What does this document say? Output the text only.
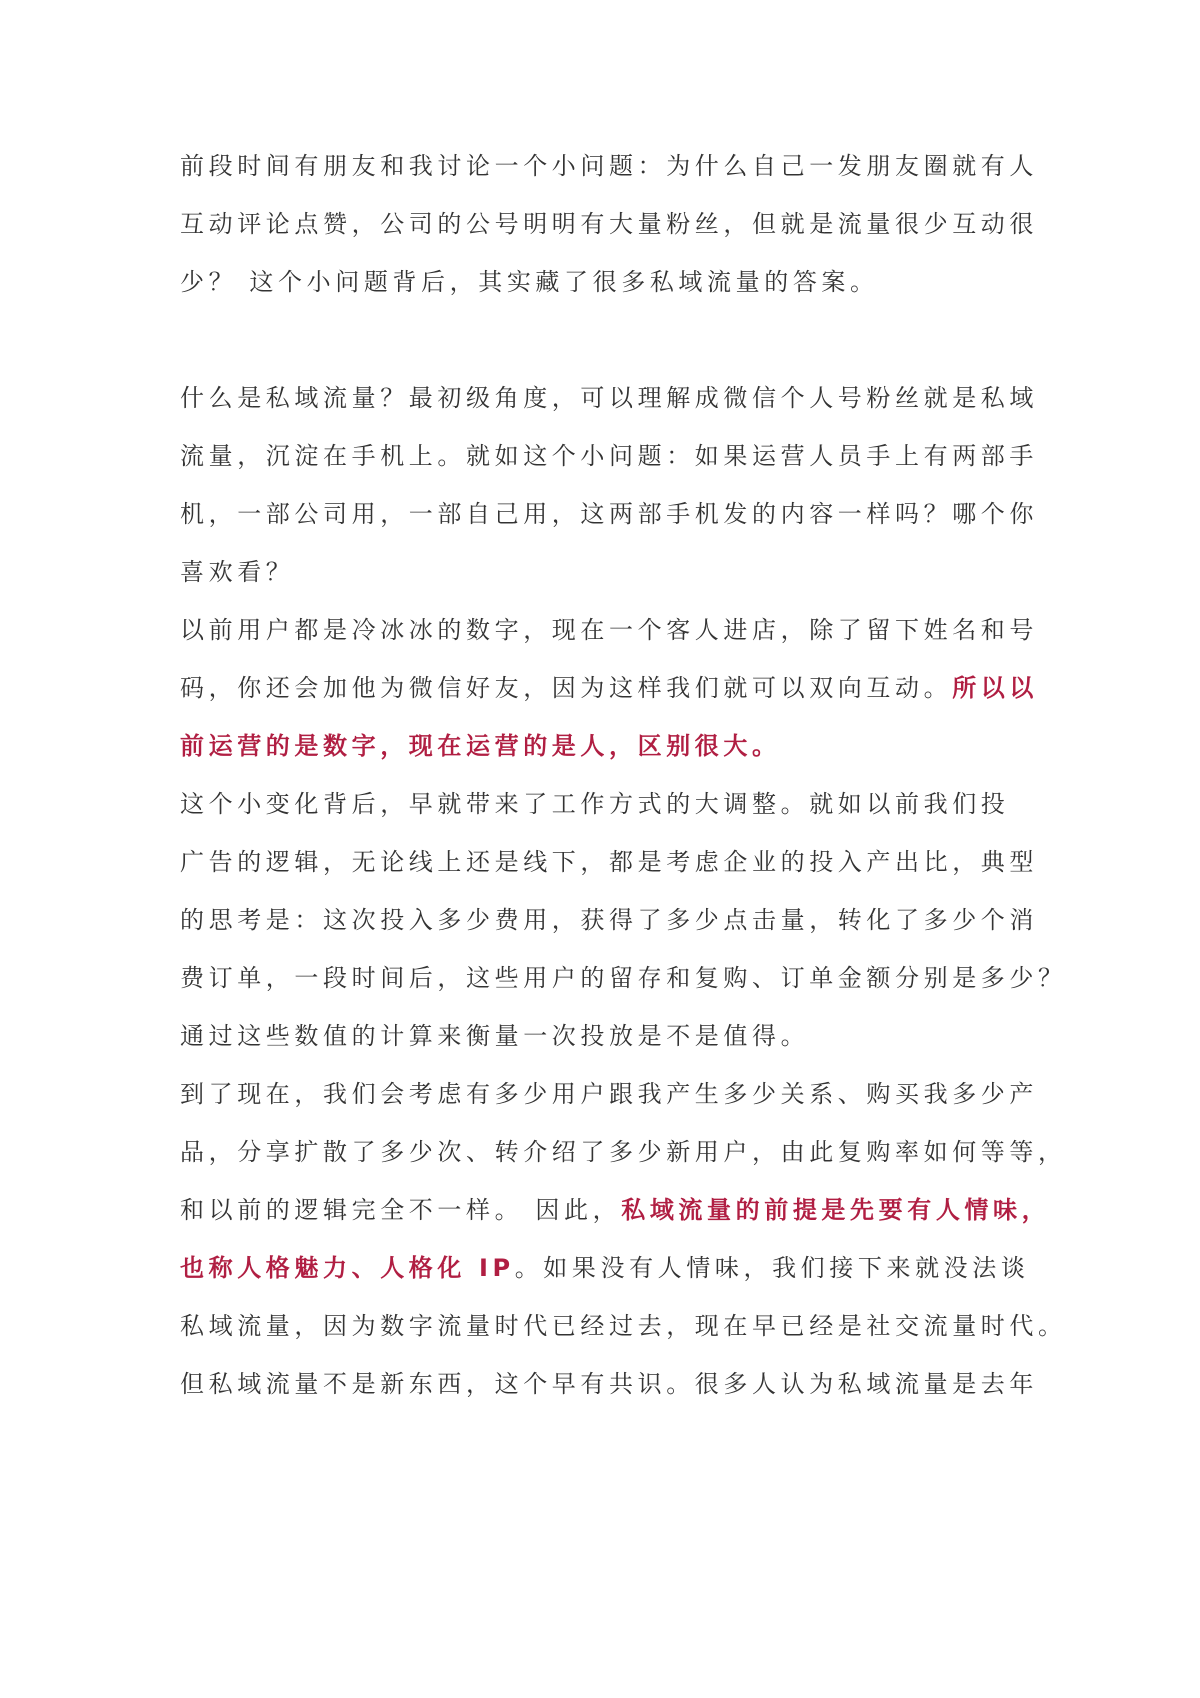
前段时间有朋友和我讨论一个小问题：为什么自己一发朋友圈就有人
互动评论点赞，公司的公号明明有大量粉丝，但就是流量很少互动很
少？ 这个小问题背后，其实藏了很多私域流量的答案。
什么是私域流量？最初级角度，可以理解成微信个人号粉丝就是私域
流量，沉淀在手机上。就如这个小问题：如果运营人员手上有两部手
机，一部公司用，一部自己用，这两部手机发的内容一样吗？哪个你
喜欢看？
以前用户都是冷冰冰的数字，现在一个客人进店，除了留下姓名和号
码，你还会加他为微信好友，因为这样我们就可以双向互动。所以以
前运营的是数字，现在运营的是人，区别很大。
这个小变化背后，早就带来了工作方式的大调整。就如以前我们投
广告的逻辑，无论线上还是线下，都是考虑企业的投入产出比，典型
的思考是：这次投入多少费用，获得了多少点击量，转化了多少个消
费订单，一段时间后，这些用户的留存和复购、订单金额分别是多少？
通过这些数值的计算来衡量一次投放是不是值得。
到了现在，我们会考虑有多少用户跟我产生多少关系、购买我多少产
品，分享扩散了多少次、转介绍了多少新用户，由此复购率如何等等，
和以前的逻辑完全不一样。 因此，私域流量的前提是先要有人情味，
也称人格魅力、人格化 IP。如果没有人情味，我们接下来就没法谈
私域流量，因为数字流量时代已经过去，现在早已经是社交流量时代。
但私域流量不是新东西，这个早有共识。很多人认为私域流量是去年
